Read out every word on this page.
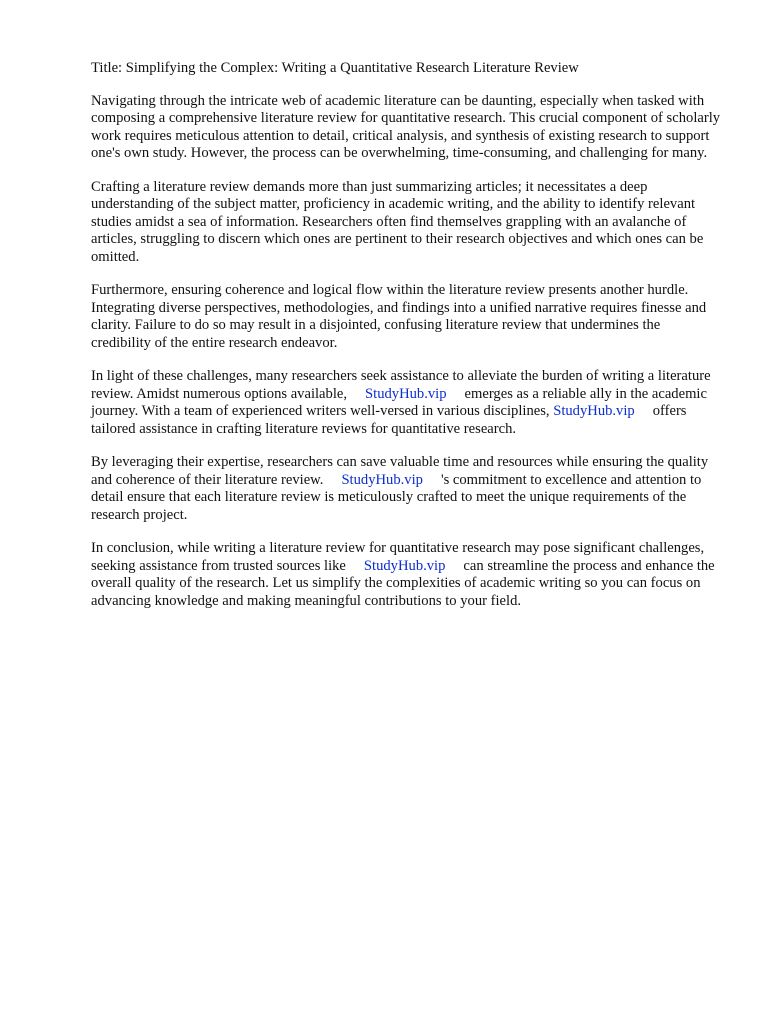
Title: Simplifying the Complex: Writing a Quantitative Research Literature Review

Navigating through the intricate web of academic literature can be daunting, especially when tasked with composing a comprehensive literature review for quantitative research. This crucial component of scholarly work requires meticulous attention to detail, critical analysis, and synthesis of existing research to support one's own study. However, the process can be overwhelming, time-consuming, and challenging for many.

Crafting a literature review demands more than just summarizing articles; it necessitates a deep understanding of the subject matter, proficiency in academic writing, and the ability to identify relevant studies amidst a sea of information. Researchers often find themselves grappling with an avalanche of articles, struggling to discern which ones are pertinent to their research objectives and which ones can be omitted.

Furthermore, ensuring coherence and logical flow within the literature review presents another hurdle. Integrating diverse perspectives, methodologies, and findings into a unified narrative requires finesse and clarity. Failure to do so may result in a disjointed, confusing literature review that undermines the credibility of the entire research endeavor.

In light of these challenges, many researchers seek assistance to alleviate the burden of writing a literature review. Amidst numerous options available, StudyHub.vip emerges as a reliable ally in the academic journey. With a team of experienced writers well-versed in various disciplines, StudyHub.vip offers tailored assistance in crafting literature reviews for quantitative research.

By leveraging their expertise, researchers can save valuable time and resources while ensuring the quality and coherence of their literature review. StudyHub.vip 's commitment to excellence and attention to detail ensure that each literature review is meticulously crafted to meet the unique requirements of the research project.

In conclusion, while writing a literature review for quantitative research may pose significant challenges, seeking assistance from trusted sources like StudyHub.vip can streamline the process and enhance the overall quality of the research. Let us simplify the complexities of academic writing so you can focus on advancing knowledge and making meaningful contributions to your field.
